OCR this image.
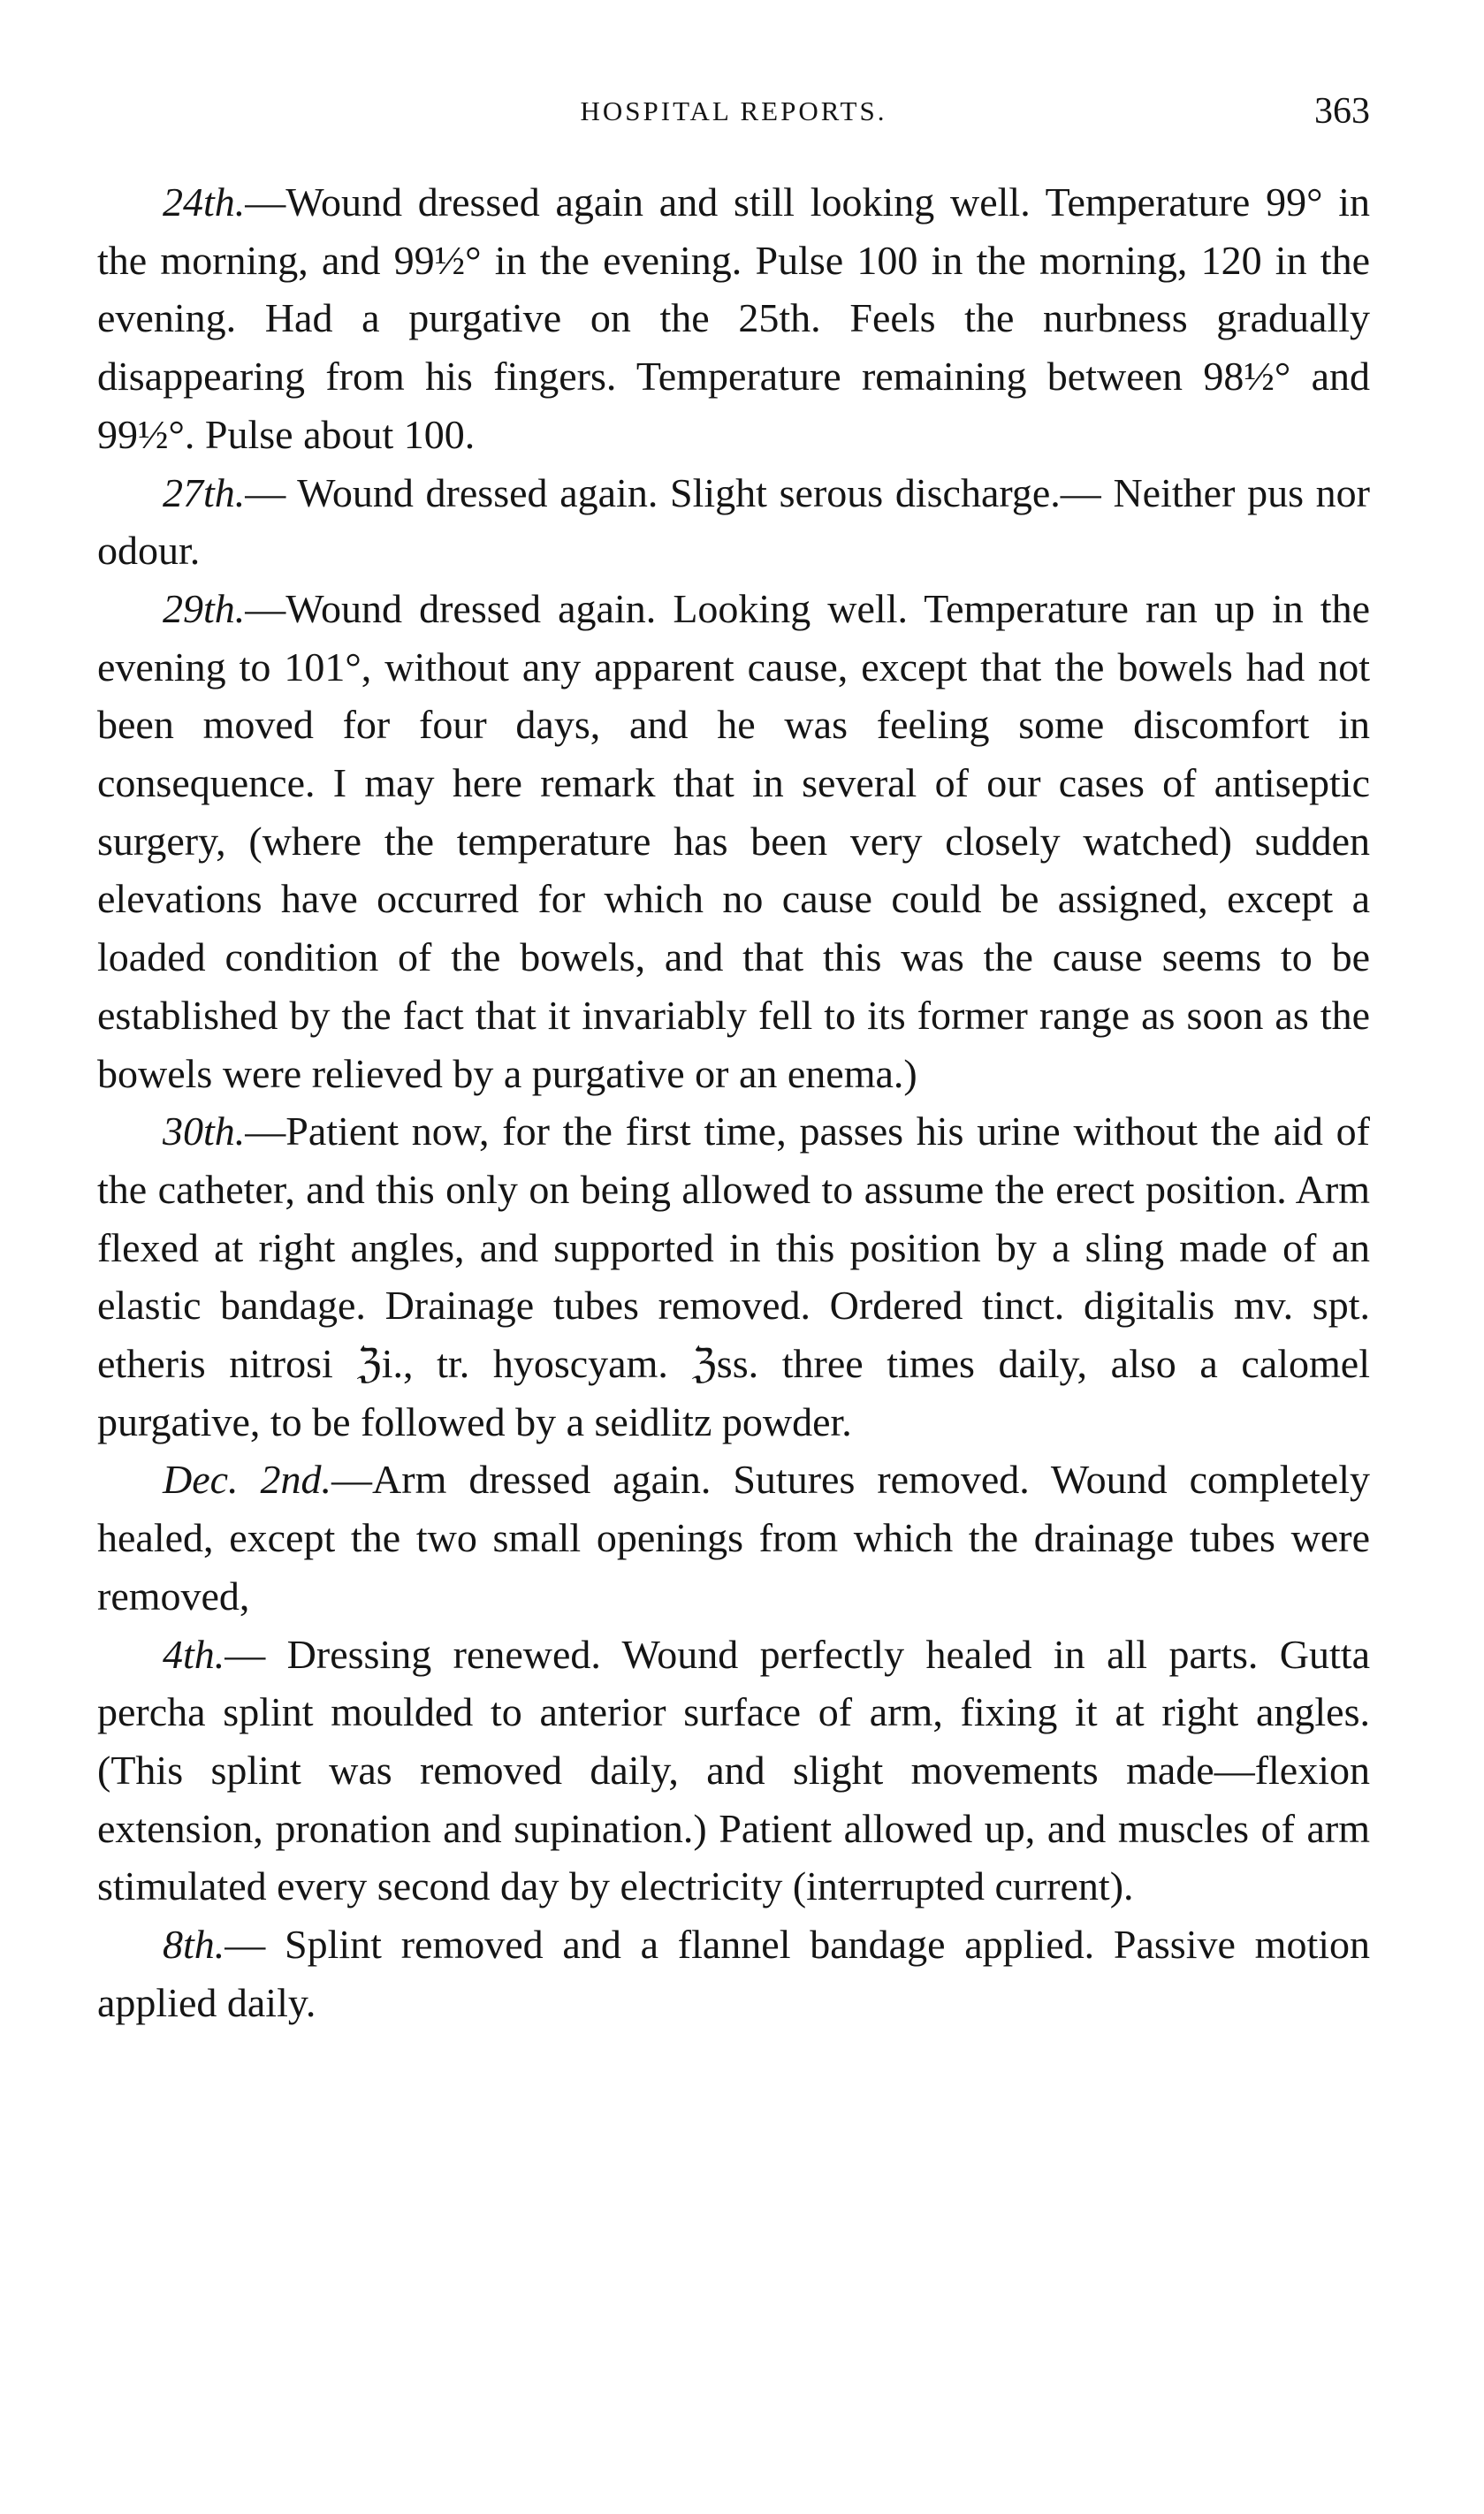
HOSPITAL REPORTS.	363

24th.—Wound dressed again and still looking well. Temperature 99° in the morning, and 99½° in the evening. Pulse 100 in the morning, 120 in the evening. Had a purgative on the 25th. Feels the nurbness gradually disappearing from his fingers. Temperature remaining between 98½° and 99½°. Pulse about 100.

27th.— Wound dressed again. Slight serous discharge.— Neither pus nor odour.

29th.—Wound dressed again. Looking well. Temperature ran up in the evening to 101°, without any apparent cause, except that the bowels had not been moved for four days, and he was feeling some discomfort in consequence. I may here remark that in several of our cases of antiseptic surgery, (where the temperature has been very closely watched) sudden elevations have occurred for which no cause could be assigned, except a loaded condition of the bowels, and that this was the cause seems to be established by the fact that it invariably fell to its former range as soon as the bowels were relieved by a purgative or an enema.)

30th.—Patient now, for the first time, passes his urine without the aid of the catheter, and this only on being allowed to assume the erect position. Arm flexed at right angles, and supported in this position by a sling made of an elastic bandage. Drainage tubes removed. Ordered tinct. digitalis mv. spt. etheris nitrosi ℨi., tr. hyoscyam. ℨss. three times daily, also a calomel purgative, to be followed by a seidlitz powder.

Dec. 2nd.—Arm dressed again. Sutures removed. Wound completely healed, except the two small openings from which the drainage tubes were removed,

4th.— Dressing renewed. Wound perfectly healed in all parts. Gutta percha splint moulded to anterior surface of arm, fixing it at right angles. (This splint was removed daily, and slight movements made—flexion extension, pronation and supination.) Patient allowed up, and muscles of arm stimulated every second day by electricity (interrupted current).

8th.— Splint removed and a flannel bandage applied. Passive motion applied daily.
